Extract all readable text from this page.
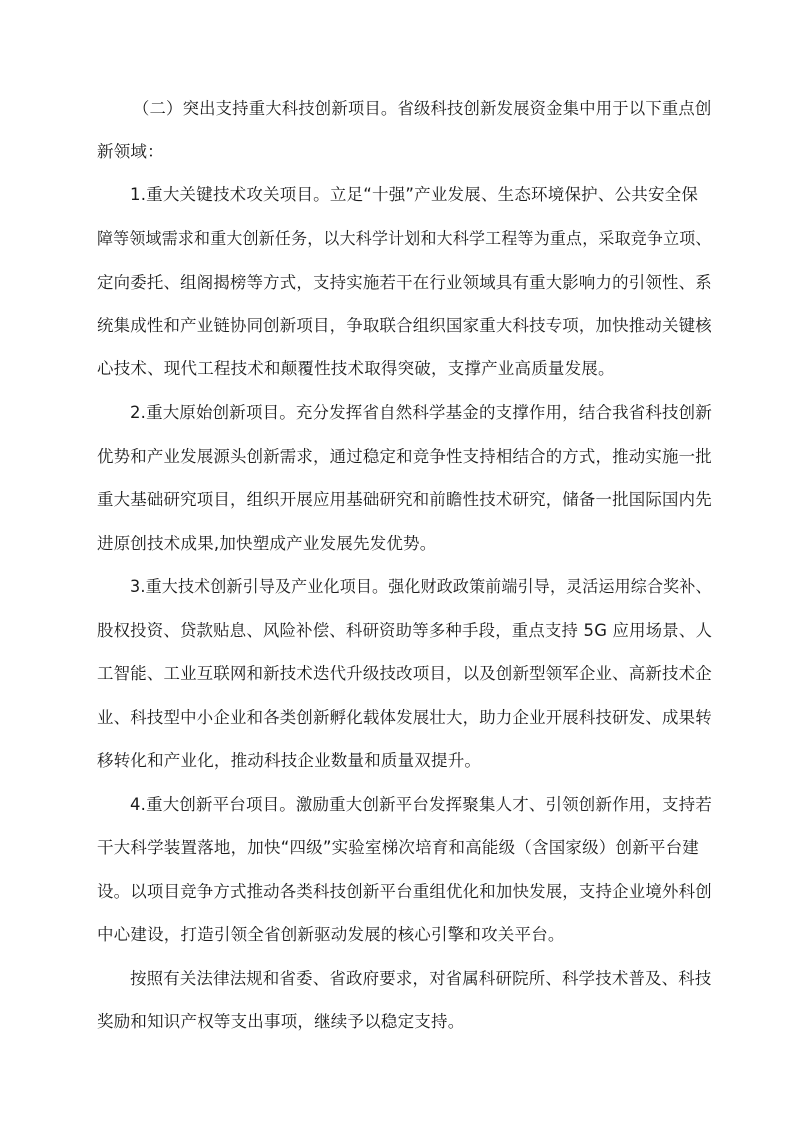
（二）突出支持重大科技创新项目。省级科技创新发展资金集中用于以下重点创
新领域：
1.重大关键技术攻关项目。立足“十强”产业发展、生态环境保护、公共安全保
障等领域需求和重大创新任务，以大科学计划和大科学工程等为重点，采取竞争立项、
定向委托、组阁揭榜等方式，支持实施若干在行业领域具有重大影响力的引领性、系
统集成性和产业链协同创新项目，争取联合组织国家重大科技专项，加快推动关键核
心技术、现代工程技术和颠覆性技术取得突破，支撑产业高质量发展。
2.重大原始创新项目。充分发挥省自然科学基金的支撑作用，结合我省科技创新
优势和产业发展源头创新需求，通过稳定和竞争性支持相结合的方式，推动实施一批
重大基础研究项目，组织开展应用基础研究和前瞻性技术研究，储备一批国际国内先
进原创技术成果,加快塑成产业发展先发优势。
3.重大技术创新引导及产业化项目。强化财政政策前端引导，灵活运用综合奖补、
股权投资、贷款贴息、风险补偿、科研资助等多种手段，重点支持 5G 应用场景、人
工智能、工业互联网和新技术迭代升级技改项目，以及创新型领军企业、高新技术企
业、科技型中小企业和各类创新孵化载体发展壮大，助力企业开展科技研发、成果转
移转化和产业化，推动科技企业数量和质量双提升。
4.重大创新平台项目。激励重大创新平台发挥聚集人才、引领创新作用，支持若
干大科学装置落地，加快“四级”实验室梯次培育和高能级（含国家级）创新平台建
设。以项目竞争方式推动各类科技创新平台重组优化和加快发展，支持企业境外科创
中心建设，打造引领全省创新驱动发展的核心引擎和攻关平台。
按照有关法律法规和省委、省政府要求，对省属科研院所、科学技术普及、科技
奖励和知识产权等支出事项，继续予以稳定支持。
